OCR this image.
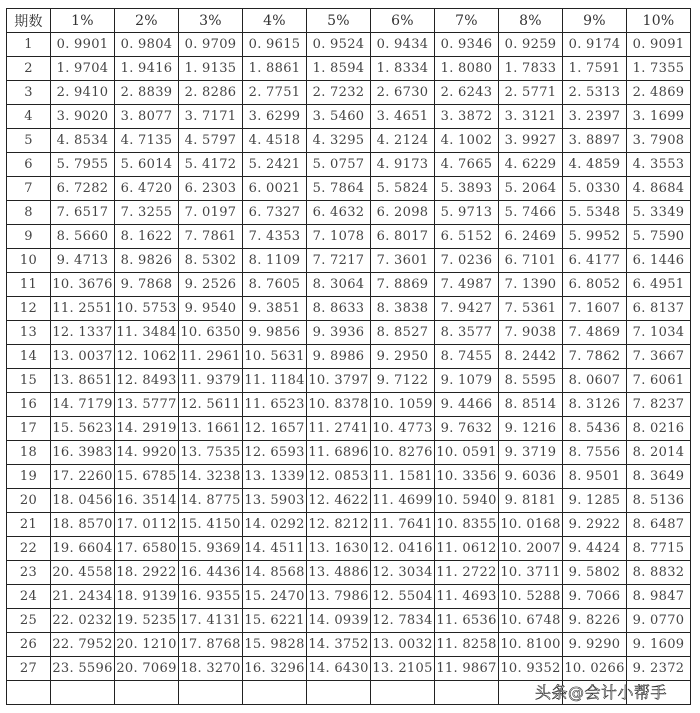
期数	1%	2%	3%	4%	5%	6%	7%	8%	9%	10%
1	0. 9901	0. 9804	0. 9709	0. 9615	0. 9524	0. 9434	0. 9346	0. 9259	0. 9174	0. 9091
2	1. 9704	1. 9416	1. 9135	1. 8861	1. 8594	1. 8334	1. 8080	1. 7833	1. 7591	1. 7355
3	2. 9410	2. 8839	2. 8286	2. 7751	2. 7232	2. 6730	2. 6243	2. 5771	2. 5313	2. 4869
4	3. 9020	3. 8077	3. 7171	3. 6299	3. 5460	3. 4651	3. 3872	3. 3121	3. 2397	3. 1699
5	4. 8534	4. 7135	4. 5797	4. 4518	4. 3295	4. 2124	4. 1002	3. 9927	3. 8897	3. 7908
6	5. 7955	5. 6014	5. 4172	5. 2421	5. 0757	4. 9173	4. 7665	4. 6229	4. 4859	4. 3553
7	6. 7282	6. 4720	6. 2303	6. 0021	5. 7864	5. 5824	5. 3893	5. 2064	5. 0330	4. 8684
8	7. 6517	7. 3255	7. 0197	6. 7327	6. 4632	6. 2098	5. 9713	5. 7466	5. 5348	5. 3349
9	8. 5660	8. 1622	7. 7861	7. 4353	7. 1078	6. 8017	6. 5152	6. 2469	5. 9952	5. 7590
10	9. 4713	8. 9826	8. 5302	8. 1109	7. 7217	7. 3601	7. 0236	6. 7101	6. 4177	6. 1446
11	10. 3676	9. 7868	9. 2526	8. 7605	8. 3064	7. 8869	7. 4987	7. 1390	6. 8052	6. 4951
12	11. 2551	10. 5753	9. 9540	9. 3851	8. 8633	8. 3838	7. 9427	7. 5361	7. 1607	6. 8137
13	12. 1337	11. 3484	10. 6350	9. 9856	9. 3936	8. 8527	8. 3577	7. 9038	7. 4869	7. 1034
14	13. 0037	12. 1062	11. 2961	10. 5631	9. 8986	9. 2950	8. 7455	8. 2442	7. 7862	7. 3667
15	13. 8651	12. 8493	11. 9379	11. 1184	10. 3797	9. 7122	9. 1079	8. 5595	8. 0607	7. 6061
16	14. 7179	13. 5777	12. 5611	11. 6523	10. 8378	10. 1059	9. 4466	8. 8514	8. 3126	7. 8237
17	15. 5623	14. 2919	13. 1661	12. 1657	11. 2741	10. 4773	9. 7632	9. 1216	8. 5436	8. 0216
18	16. 3983	14. 9920	13. 7535	12. 6593	11. 6896	10. 8276	10. 0591	9. 3719	8. 7556	8. 2014
19	17. 2260	15. 6785	14. 3238	13. 1339	12. 0853	11. 1581	10. 3356	9. 6036	8. 9501	8. 3649
20	18. 0456	16. 3514	14. 8775	13. 5903	12. 4622	11. 4699	10. 5940	9. 8181	9. 1285	8. 5136
21	18. 8570	17. 0112	15. 4150	14. 0292	12. 8212	11. 7641	10. 8355	10. 0168	9. 2922	8. 6487
22	19. 6604	17. 6580	15. 9369	14. 4511	13. 1630	12. 0416	11. 0612	10. 2007	9. 4424	8. 7715
23	20. 4558	18. 2922	16. 4436	14. 8568	13. 4886	12. 3034	11. 2722	10. 3711	9. 5802	8. 8832
24	21. 2434	18. 9139	16. 9355	15. 2470	13. 7986	12. 5504	11. 4693	10. 5288	9. 7066	8. 9847
25	22. 0232	19. 5235	17. 4131	15. 6221	14. 0939	12. 7834	11. 6536	10. 6748	9. 8226	9. 0770
26	22. 7952	20. 1210	17. 8768	15. 9828	14. 3752	13. 0032	11. 8258	10. 8100	9. 9290	9. 1609
27	23. 5596	20. 7069	18. 3270	16. 3296	14. 6430	13. 2105	11. 9867	10. 9352	10. 0266	9. 2372

头条@会计小帮手
